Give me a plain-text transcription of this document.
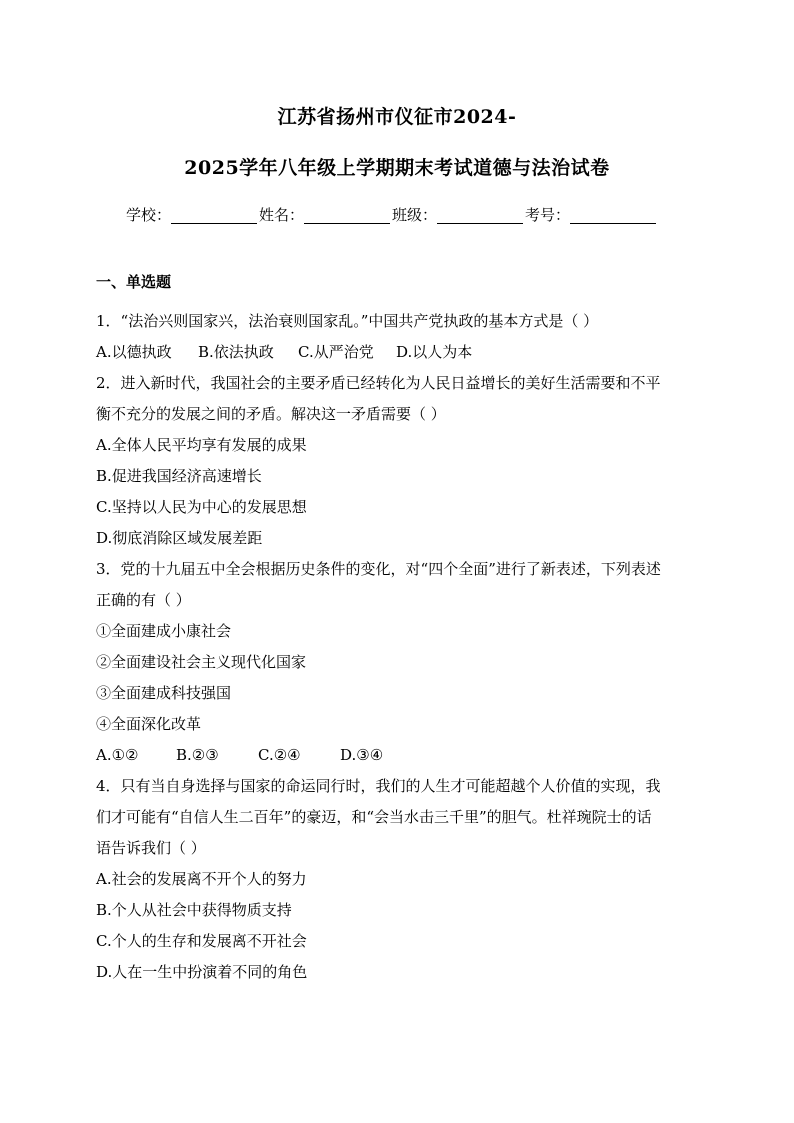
江苏省扬州市仪征市2024-
2025学年八年级上学期期末考试道德与法治试卷
学校：	姓名：	班级：	考号：
一、单选题
1．“法治兴则国家兴，法治衰则国家乱。”中国共产党执政的基本方式是（ ）
A.以德执政 B.依法执政 C.从严治党 D.以人为本
2．进入新时代，我国社会的主要矛盾已经转化为人民日益增长的美好生活需要和不平
衡不充分的发展之间的矛盾。解决这一矛盾需要（ ）
A.全体人民平均享有发展的成果
B.促进我国经济高速增长
C.坚持以人民为中心的发展思想
D.彻底消除区域发展差距
3．党的十九届五中全会根据历史条件的变化，对“四个全面”进行了新表述，下列表述
正确的有（ ）
①全面建成小康社会
②全面建设社会主义现代化国家
③全面建成科技强国
④全面深化改革
A.①②	B.②③	C.②④	D.③④
4．只有当自身选择与国家的命运同行时，我们的人生才可能超越个人价值的实现，我
们才可能有“自信人生二百年”的豪迈，和“会当水击三千里”的胆气。杜祥琬院士的话
语告诉我们（ ）
A.社会的发展离不开个人的努力
B.个人从社会中获得物质支持
C.个人的生存和发展离不开社会
D.人在一生中扮演着不同的角色
